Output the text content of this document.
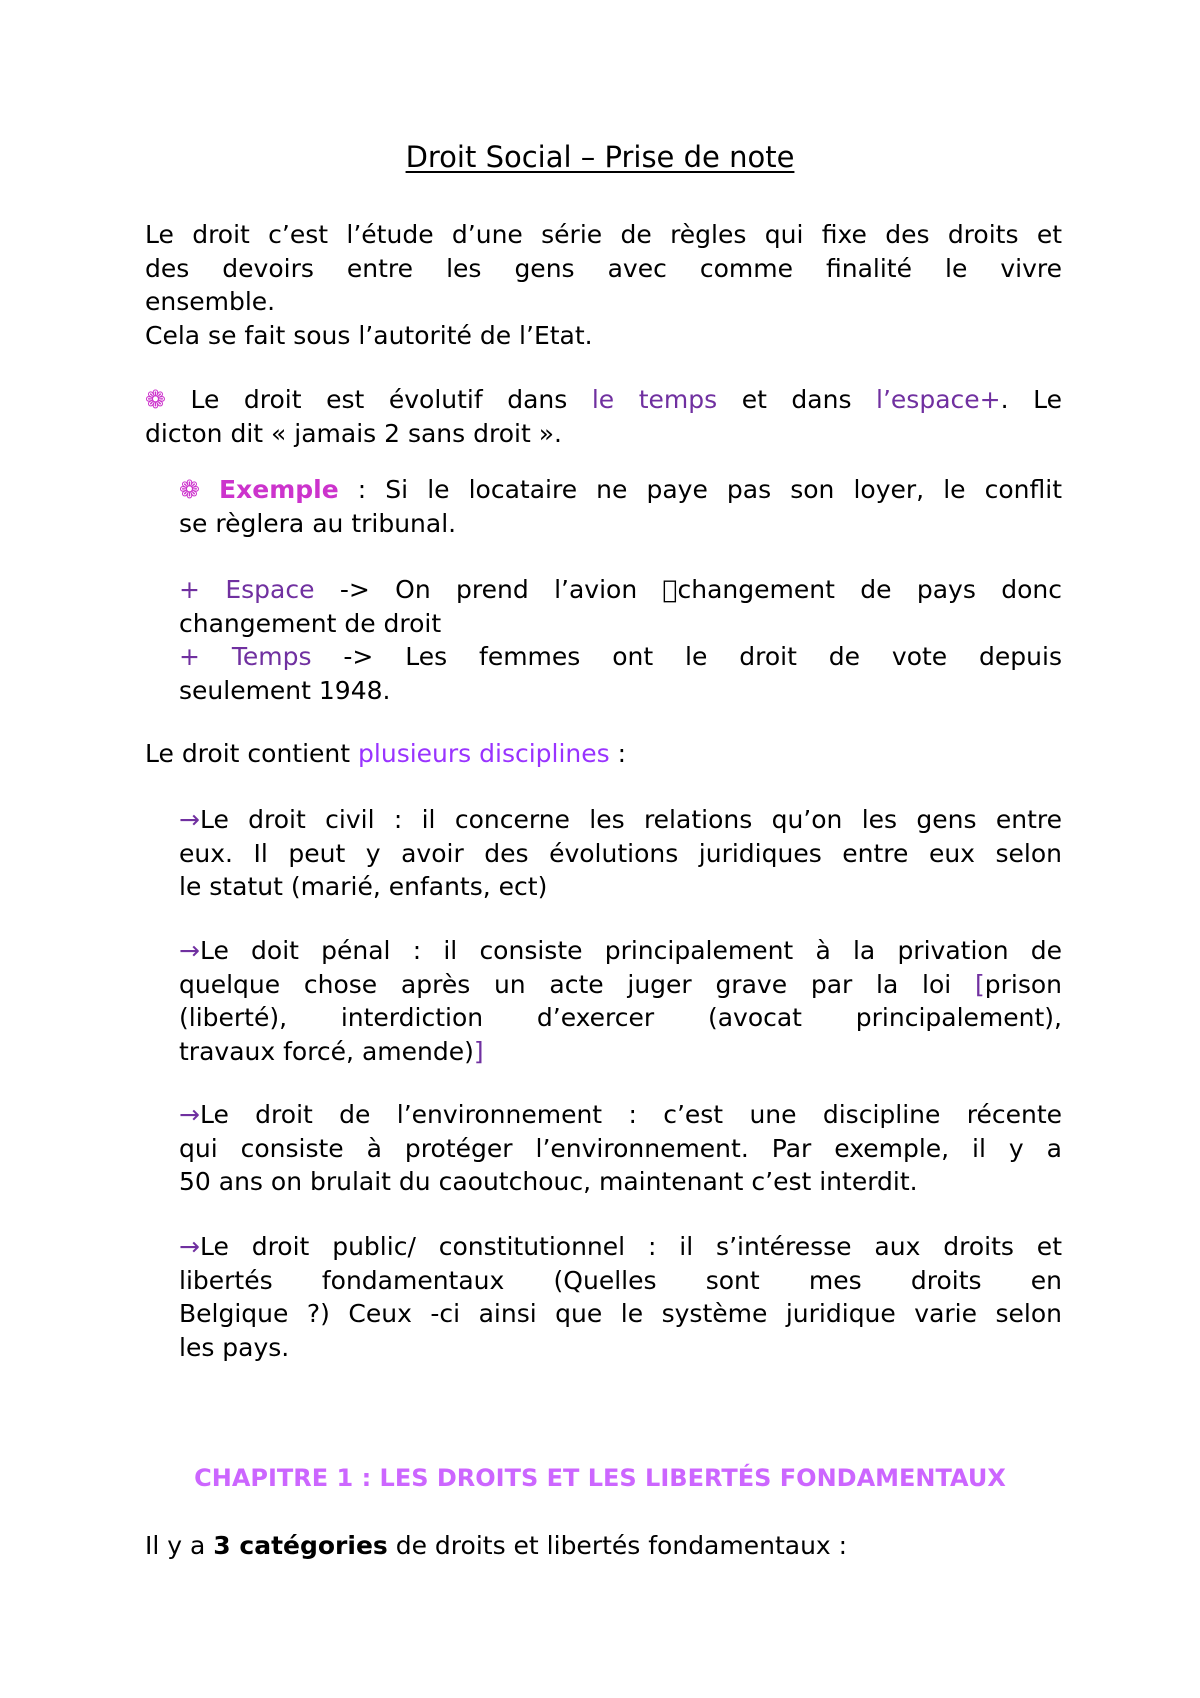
Droit Social – Prise de note
Le droit c’est l’étude d’une série de règles qui fixe des droits et
des devoirs entre les gens avec comme finalité le vivre
ensemble.
Cela se fait sous l’autorité de l’Etat.
❁ Le droit est évolutif dans le temps et dans l’espace+. Le
dicton dit « jamais 2 sans droit ».
❁ Exemple : Si le locataire ne paye pas son loyer, le conflit
se règlera au tribunal.
+ Espace -> On prend l’avion  changement de pays donc
changement de droit
+ Temps -> Les femmes ont le droit de vote depuis
seulement 1948.
Le droit contient plusieurs disciplines :
→Le droit civil : il concerne les relations qu’on les gens entre
eux. Il peut y avoir des évolutions juridiques entre eux selon
le statut (marié, enfants, ect)
→Le doit pénal : il consiste principalement à la privation de
quelque chose après un acte juger grave par la loi [prison
(liberté), interdiction d’exercer (avocat principalement),
travaux forcé, amende)]
→Le droit de l’environnement : c’est une discipline récente
qui consiste à protéger l’environnement. Par exemple, il y a
50 ans on brulait du caoutchouc, maintenant c’est interdit.
→Le droit public/ constitutionnel : il s’intéresse aux droits et
libertés fondamentaux (Quelles sont mes droits en
Belgique ?) Ceux -ci ainsi que le système juridique varie selon
les pays.
CHAPITRE 1 : LES DROITS ET LES LIBERTÉS FONDAMENTAUX
Il y a 3 catégories de droits et libertés fondamentaux :
